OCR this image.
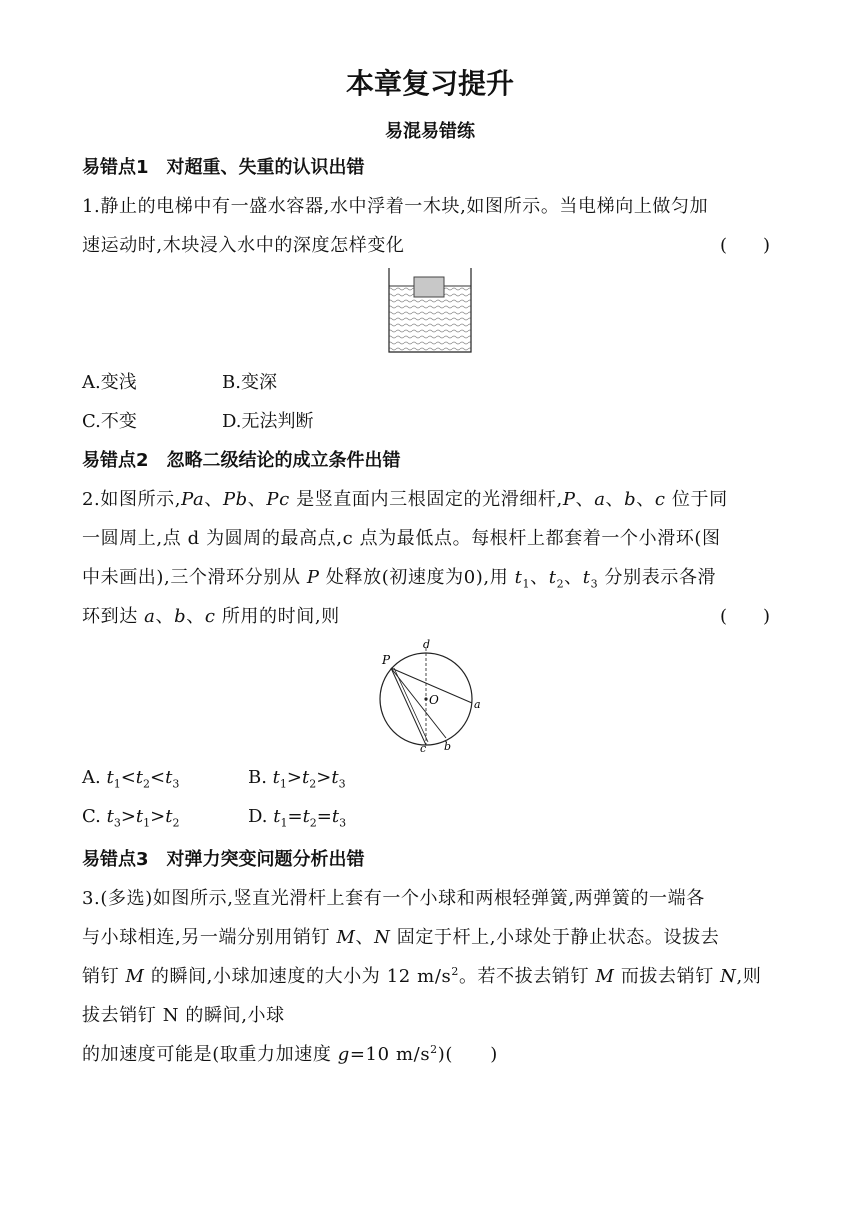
本章复习提升
易混易错练
易错点1　对超重、失重的认识出错
1.静止的电梯中有一盛水容器,水中浮着一木块,如图所示。当电梯向上做匀加
速运动时,木块浸入水中的深度怎样变化	(　　)
A.变浅	B.变深
C.不变	D.无法判断
易错点2　忽略二级结论的成立条件出错
2.如图所示,Pa、Pb、Pc 是竖直面内三根固定的光滑细杆,P、a、b、c 位于同
一圆周上,点 d 为圆周的最高点,c 点为最低点。每根杆上都套着一个小滑环(图
中未画出),三个滑环分别从 P 处释放(初速度为0),用 $t_1$、$t_2$、$t_3$ 分别表示各滑
环到达 a、b、c 所用的时间,则	(　　)
P
d
O	a
b
c
A. $t_1<t_2<t_3$	B. $t_1>t_2>t_3$
C. $t_3>t_1>t_2$	D. $t_1=t_2=t_3$
易错点3　对弹力突变问题分析出错
3.(多选)如图所示,竖直光滑杆上套有一个小球和两根轻弹簧,两弹簧的一端各
与小球相连,另一端分别用销钉 M、N 固定于杆上,小球处于静止状态。设拔去
销钉 M 的瞬间,小球加速度的大小为 12 $m/s^2$。若不拔去销钉 M 而拔去销钉 N,则
拔去销钉 N 的瞬间,小球
的加速度可能是(取重力加速度 g=10 $m/s^2$)(　　)
